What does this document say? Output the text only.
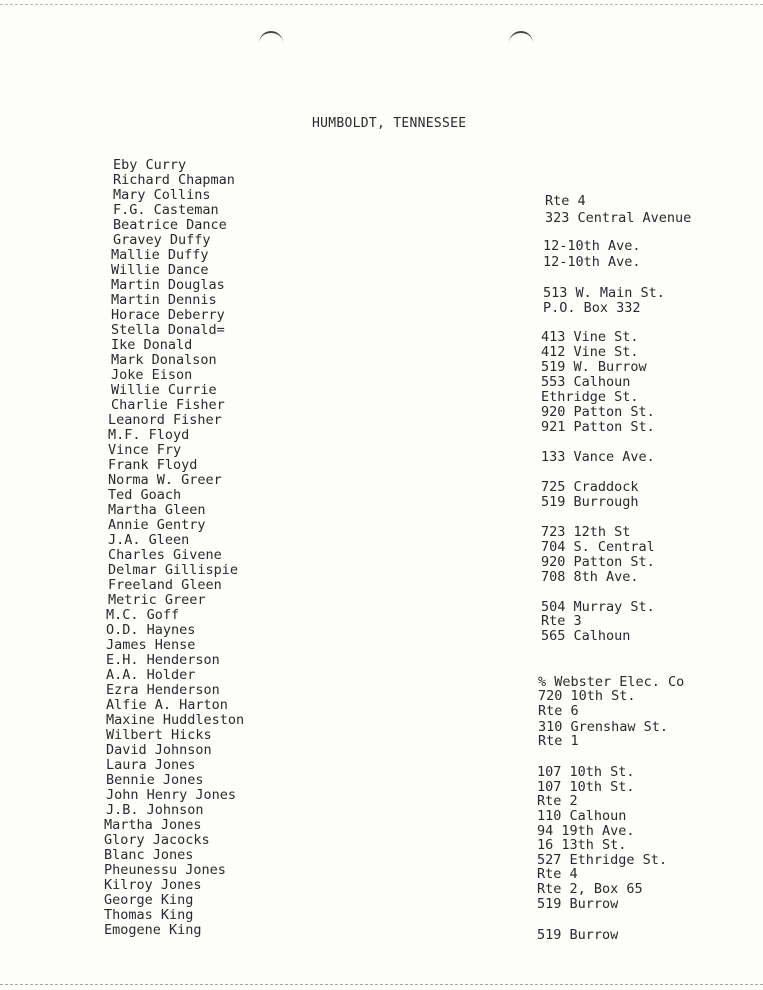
HUMBOLDT, TENNESSEE
Eby Curry
Richard Chapman
Mary Collins
F.G. Casteman
Beatrice Dance
Gravey Duffy
Mallie Duffy
Willie Dance
Martin Douglas
Martin Dennis
Horace Deberry
Stella Donald=
Ike Donald
Mark Donalson
Joke Eison
Willie Currie
Charlie Fisher
Leanord Fisher
M.F. Floyd
Vince Fry
Frank Floyd
Norma W. Greer
Ted Goach
Martha Gleen
Annie Gentry
J.A. Gleen
Charles Givene
Delmar Gillispie
Freeland Gleen
Metric Greer
M.C. Goff
O.D. Haynes
James Hense
E.H. Henderson
A.A. Holder
Ezra Henderson
Alfie A. Harton
Maxine Huddleston
Wilbert Hicks
David Johnson
Laura Jones
Bennie Jones
John Henry Jones
J.B. Johnson
Martha Jones
Glory Jacocks
Blanc Jones
Pheunessu Jones
Kilroy Jones
George King
Thomas King
Emogene King
Rte 4
323 Central Avenue
12-10th Ave.
12-10th Ave.
513 W. Main St.
P.O. Box 332
413 Vine St.
412 Vine St.
519 W. Burrow
553 Calhoun
Ethridge St.
920 Patton St.
921 Patton St.
133 Vance Ave.
725 Craddock
519 Burrough
723 12th St
704 S. Central
920 Patton St.
708 8th Ave.
504 Murray St.
Rte 3
565 Calhoun
% Webster Elec. Co
720 10th St.
Rte 6
310 Grenshaw St.
Rte 1
107 10th St.
107 10th St.
Rte 2
110 Calhoun
94 19th Ave.
16 13th St.
527 Ethridge St.
Rte 4
Rte 2, Box 65
519 Burrow
519 Burrow
